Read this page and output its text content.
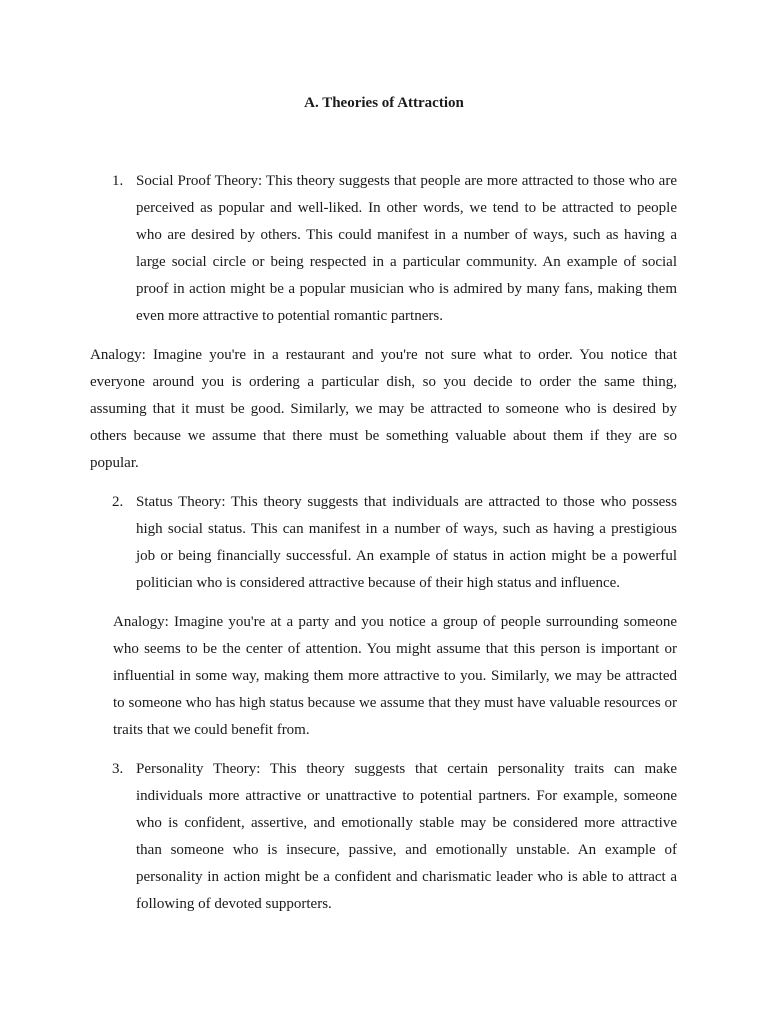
A. Theories of Attraction
1. Social Proof Theory: This theory suggests that people are more attracted to those who are perceived as popular and well-liked. In other words, we tend to be attracted to people who are desired by others. This could manifest in a number of ways, such as having a large social circle or being respected in a particular community. An example of social proof in action might be a popular musician who is admired by many fans, making them even more attractive to potential romantic partners.
Analogy: Imagine you're in a restaurant and you're not sure what to order. You notice that everyone around you is ordering a particular dish, so you decide to order the same thing, assuming that it must be good. Similarly, we may be attracted to someone who is desired by others because we assume that there must be something valuable about them if they are so popular.
2. Status Theory: This theory suggests that individuals are attracted to those who possess high social status. This can manifest in a number of ways, such as having a prestigious job or being financially successful. An example of status in action might be a powerful politician who is considered attractive because of their high status and influence.
Analogy: Imagine you're at a party and you notice a group of people surrounding someone who seems to be the center of attention. You might assume that this person is important or influential in some way, making them more attractive to you. Similarly, we may be attracted to someone who has high status because we assume that they must have valuable resources or traits that we could benefit from.
3. Personality Theory: This theory suggests that certain personality traits can make individuals more attractive or unattractive to potential partners. For example, someone who is confident, assertive, and emotionally stable may be considered more attractive than someone who is insecure, passive, and emotionally unstable. An example of personality in action might be a confident and charismatic leader who is able to attract a following of devoted supporters.
